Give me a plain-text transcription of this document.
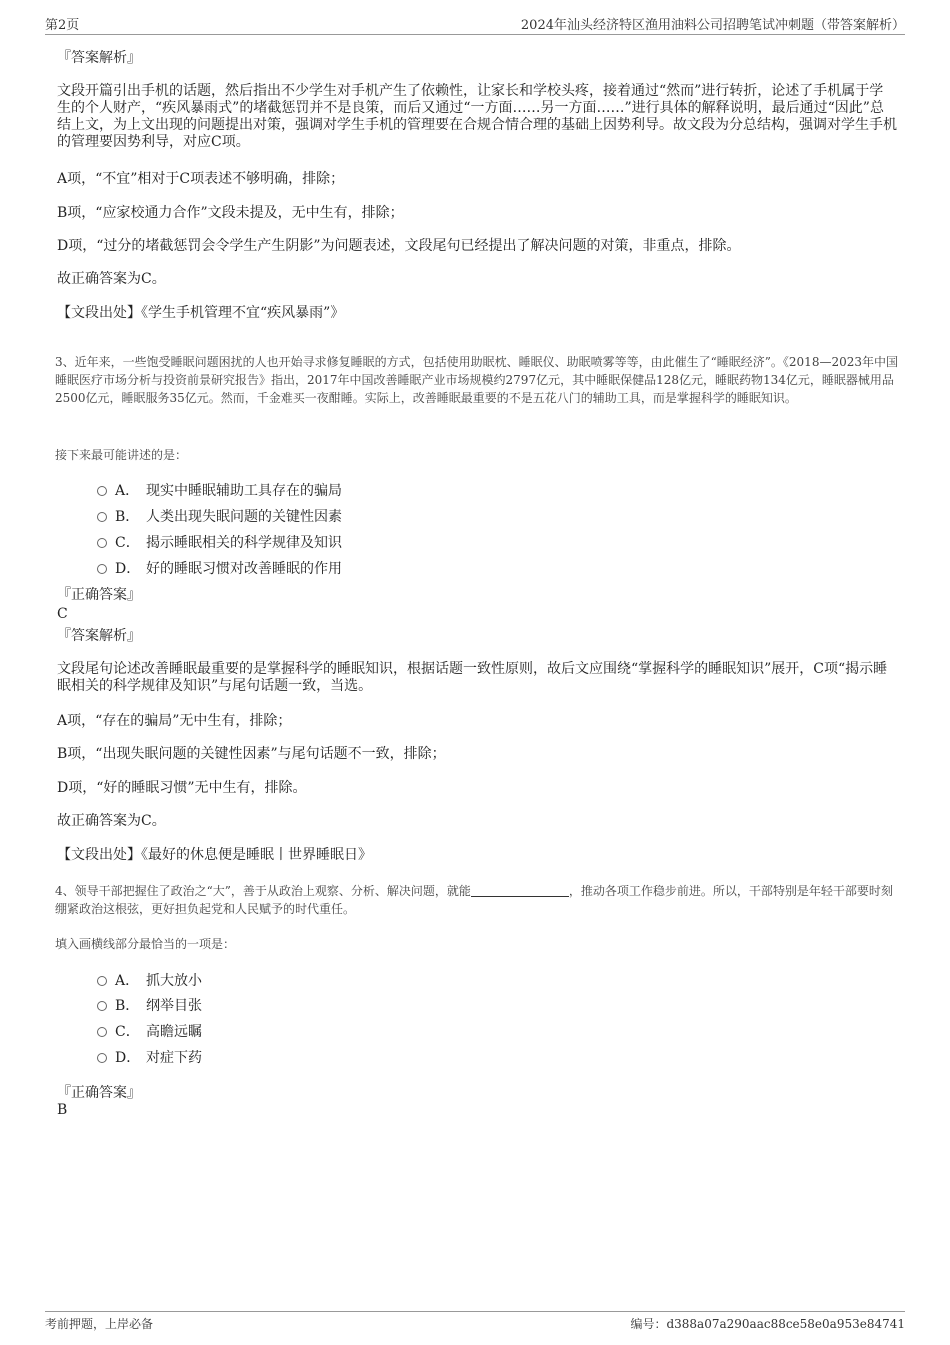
第2页	2024年汕头经济特区渔用油料公司招聘笔试冲刺题（带答案解析）
『答案解析』
文段开篇引出手机的话题，然后指出不少学生对手机产生了依赖性，让家长和学校头疼，接着通过“然而”进行转折，论述了手机属于学生的个人财产，“疾风暴雨式”的堵截惩罚并不是良策，而后又通过“一方面……另一方面……”进行具体的解释说明，最后通过“因此”总结上文，为上文出现的问题提出对策，强调对学生手机的管理要在合规合情合理的基础上因势利导。故文段为分总结构，强调对学生手机的管理要因势利导，对应C项。
A项，“不宜”相对于C项表述不够明确，排除；
B项，“应家校通力合作”文段未提及，无中生有，排除；
D项，“过分的堵截惩罚会令学生产生阴影”为问题表述，文段尾句已经提出了解决问题的对策，非重点，排除。
故正确答案为C。
【文段出处】《学生手机管理不宜“疾风暴雨”》
3、近年来，一些饱受睡眠问题困扰的人也开始寻求修复睡眠的方式，包括使用助眠枕、睡眠仪、助眠喷雾等等，由此催生了“睡眠经济”。《2018—2023年中国睡眠医疗市场分析与投资前景研究报告》指出，2017年中国改善睡眠产业市场规模约2797亿元，其中睡眠保健品128亿元，睡眠药物134亿元，睡眠器械用品2500亿元，睡眠服务35亿元。然而，千金难买一夜酣睡。实际上，改善睡眠最重要的不是五花八门的辅助工具，而是掌握科学的睡眠知识。
接下来最可能讲述的是：
A． 现实中睡眠辅助工具存在的骗局
B． 人类出现失眠问题的关键性因素
C． 揭示睡眠相关的科学规律及知识
D． 好的睡眠习惯对改善睡眠的作用
『正确答案』
C
『答案解析』
文段尾句论述改善睡眠最重要的是掌握科学的睡眠知识，根据话题一致性原则，故后文应围绕“掌握科学的睡眠知识”展开，C项“揭示睡眠相关的科学规律及知识”与尾句话题一致，当选。
A项，“存在的骗局”无中生有，排除；
B项，“出现失眠问题的关键性因素”与尾句话题不一致，排除；
D项，“好的睡眠习惯”无中生有，排除。
故正确答案为C。
【文段出处】《最好的休息便是睡眠丨世界睡眠日》
4、领导干部把握住了政治之“大”，善于从政治上观察、分析、解决问题，就能	，推动各项工作稳步前进。所以，干部特别是年轻干部要时刻绷紧政治这根弦，更好担负起党和人民赋予的时代重任。
填入画横线部分最恰当的一项是：
A． 抓大放小
B． 纲举目张
C． 高瞻远瞩
D． 对症下药
『正确答案』
B
考前押题，上岸必备	编号：d388a07a290aac88ce58e0a953e84741
